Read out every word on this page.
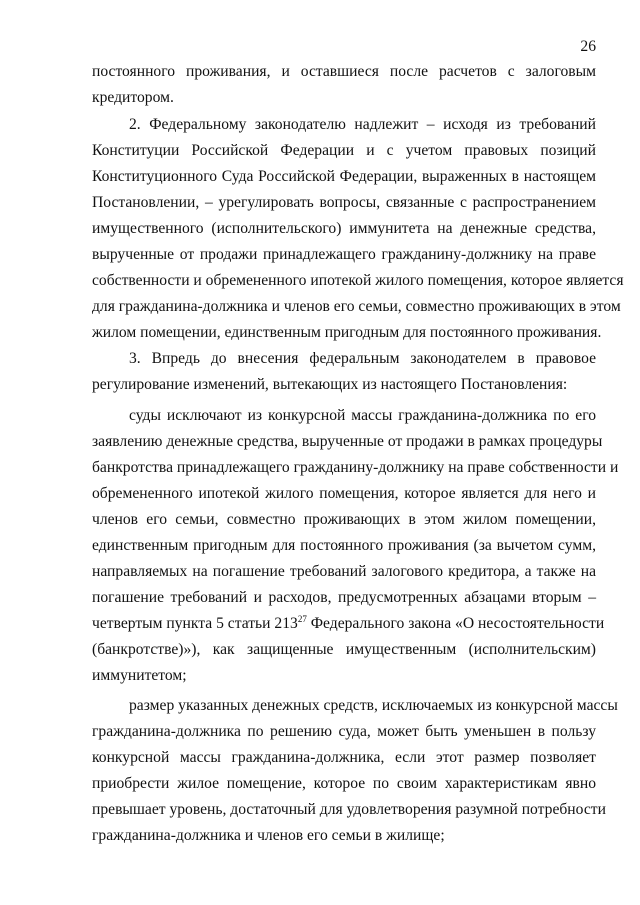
26
постоянного проживания, и оставшиеся после расчетов с залоговым
кредитором.
2. Федеральному законодателю надлежит – исходя из требований
Конституции Российской Федерации и с учетом правовых позиций
Конституционного Суда Российской Федерации, выраженных в настоящем
Постановлении, – урегулировать вопросы, связанные с распространением
имущественного (исполнительского) иммунитета на денежные средства,
вырученные от продажи принадлежащего гражданину-должнику на праве
собственности и обремененного ипотекой жилого помещения, которое является
для гражданина-должника и членов его семьи, совместно проживающих в этом
жилом помещении, единственным пригодным для постоянного проживания.
3. Впредь до внесения федеральным законодателем в правовое
регулирование изменений, вытекающих из настоящего Постановления:
суды исключают из конкурсной массы гражданина-должника по его
заявлению денежные средства, вырученные от продажи в рамках процедуры
банкротства принадлежащего гражданину-должнику на праве собственности и
обремененного ипотекой жилого помещения, которое является для него и
членов его семьи, совместно проживающих в этом жилом помещении,
единственным пригодным для постоянного проживания (за вычетом сумм,
направляемых на погашение требований залогового кредитора, а также на
погашение требований и расходов, предусмотренных абзацами вторым –
четвертым пункта 5 статьи $213^{27}$ Федерального закона «О несостоятельности
(банкротстве)»), как защищенные имущественным (исполнительским)
иммунитетом;
размер указанных денежных средств, исключаемых из конкурсной массы
гражданина-должника по решению суда, может быть уменьшен в пользу
конкурсной массы гражданина-должника, если этот размер позволяет
приобрести жилое помещение, которое по своим характеристикам явно
превышает уровень, достаточный для удовлетворения разумной потребности
гражданина-должника и членов его семьи в жилище;
